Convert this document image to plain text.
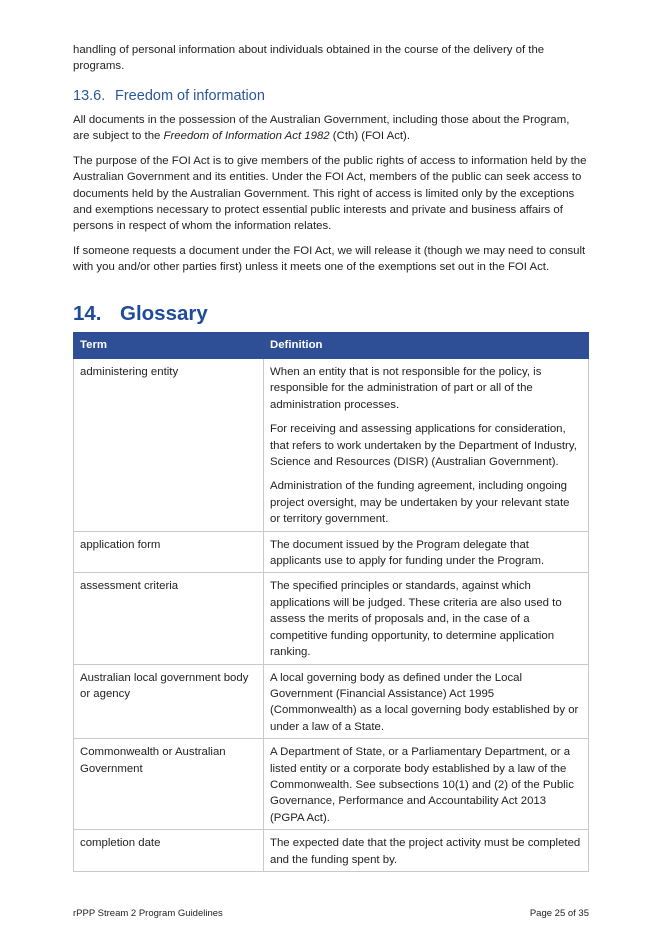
handling of personal information about individuals obtained in the course of the delivery of the programs.

13.6. Freedom of information

All documents in the possession of the Australian Government, including those about the Program, are subject to the Freedom of Information Act 1982 (Cth) (FOI Act).

The purpose of the FOI Act is to give members of the public rights of access to information held by the Australian Government and its entities. Under the FOI Act, members of the public can seek access to documents held by the Australian Government. This right of access is limited only by the exceptions and exemptions necessary to protect essential public interests and private and business affairs of persons in respect of whom the information relates.

If someone requests a document under the FOI Act, we will release it (though we may need to consult with you and/or other parties first) unless it meets one of the exemptions set out in the FOI Act.

14. Glossary
Term	Definition
administering entity	When an entity that is not responsible for the policy, is responsible for the administration of part or all of the administration processes.

For receiving and assessing applications for consideration, that refers to work undertaken by the Department of Industry, Science and Resources (DISR) (Australian Government).

Administration of the funding agreement, including ongoing project oversight, may be undertaken by your relevant state or territory government.

application form	The document issued by the Program delegate that applicants use to apply for funding under the Program.

assessment criteria	The specified principles or standards, against which applications will be judged. These criteria are also used to assess the merits of proposals and, in the case of a competitive funding opportunity, to determine application ranking.

Australian local government body or agency	A local governing body as defined under the Local Government (Financial Assistance) Act 1995 (Commonwealth) as a local governing body established by or under a law of a State.

Commonwealth or Australian Government	A Department of State, or a Parliamentary Department, or a listed entity or a corporate body established by a law of the Commonwealth. See subsections 10(1) and (2) of the Public Governance, Performance and Accountability Act 2013 (PGPA Act).

completion date	The expected date that the project activity must be completed and the funding spent by.

rPPP Stream 2 Program Guidelines	Page 25 of 35
